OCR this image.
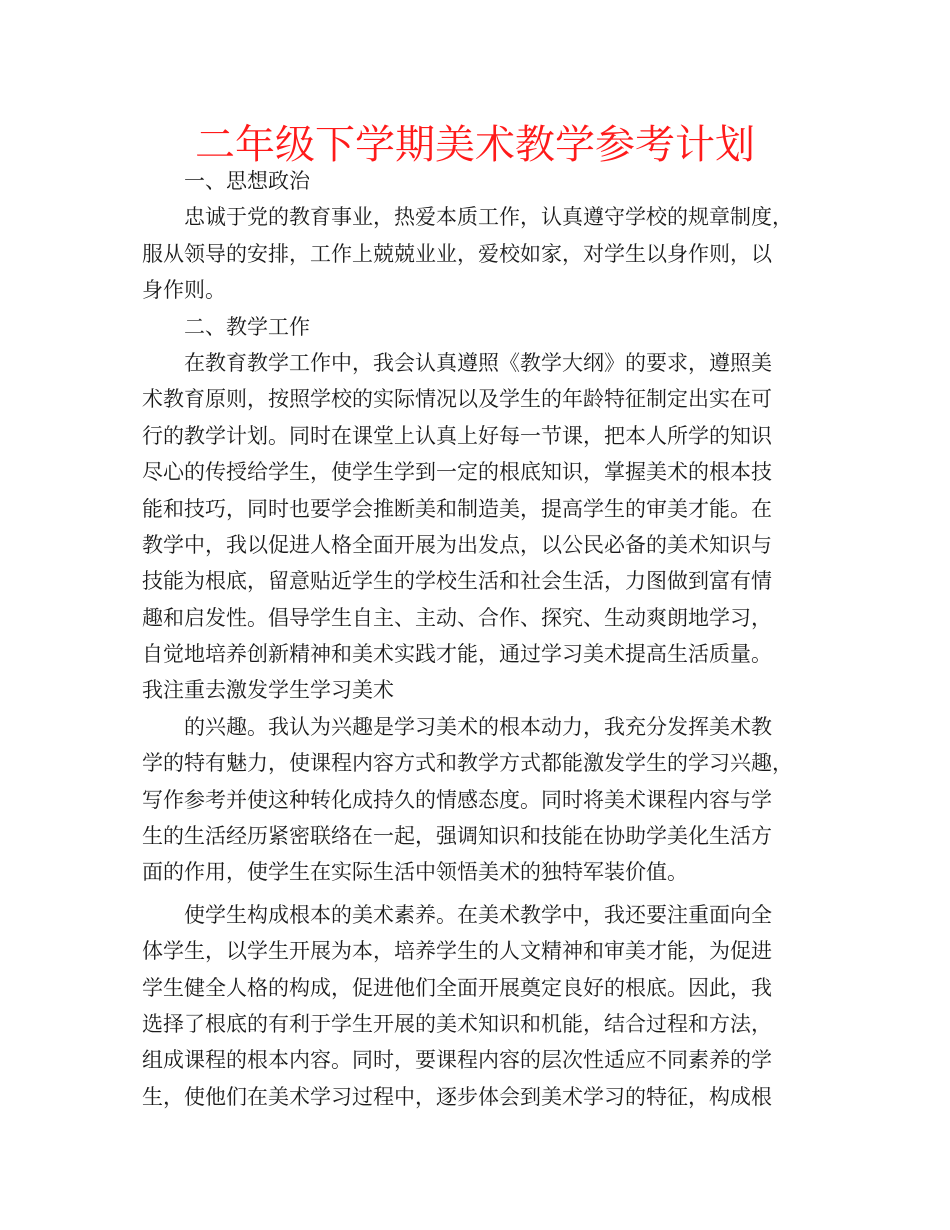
二年级下学期美术教学参考计划
一、思想政治
忠诚于党的教育事业，热爱本质工作，认真遵守学校的规章制度，
服从领导的安排，工作上兢兢业业，爱校如家，对学生以身作则，以
身作则。
二、教学工作
在教育教学工作中，我会认真遵照《教学大纲》的要求，遵照美
术教育原则，按照学校的实际情况以及学生的年龄特征制定出实在可
行的教学计划。同时在课堂上认真上好每一节课，把本人所学的知识
尽心的传授给学生，使学生学到一定的根底知识，掌握美术的根本技
能和技巧，同时也要学会推断美和制造美，提高学生的审美才能。在
教学中，我以促进人格全面开展为出发点，以公民必备的美术知识与
技能为根底，留意贴近学生的学校生活和社会生活，力图做到富有情
趣和启发性。倡导学生自主、主动、合作、探究、生动爽朗地学习，
自觉地培养创新精神和美术实践才能，通过学习美术提高生活质量。
我注重去激发学生学习美术
的兴趣。我认为兴趣是学习美术的根本动力，我充分发挥美术教
学的特有魅力，使课程内容方式和教学方式都能激发学生的学习兴趣，
写作参考并使这种转化成持久的情感态度。同时将美术课程内容与学
生的生活经历紧密联络在一起，强调知识和技能在协助学美化生活方
面的作用，使学生在实际生活中领悟美术的独特军装价值。
使学生构成根本的美术素养。在美术教学中，我还要注重面向全
体学生，以学生开展为本，培养学生的人文精神和审美才能，为促进
学生健全人格的构成，促进他们全面开展奠定良好的根底。因此，我
选择了根底的有利于学生开展的美术知识和机能，结合过程和方法，
组成课程的根本内容。同时，要课程内容的层次性适应不同素养的学
生，使他们在美术学习过程中，逐步体会到美术学习的特征，构成根
